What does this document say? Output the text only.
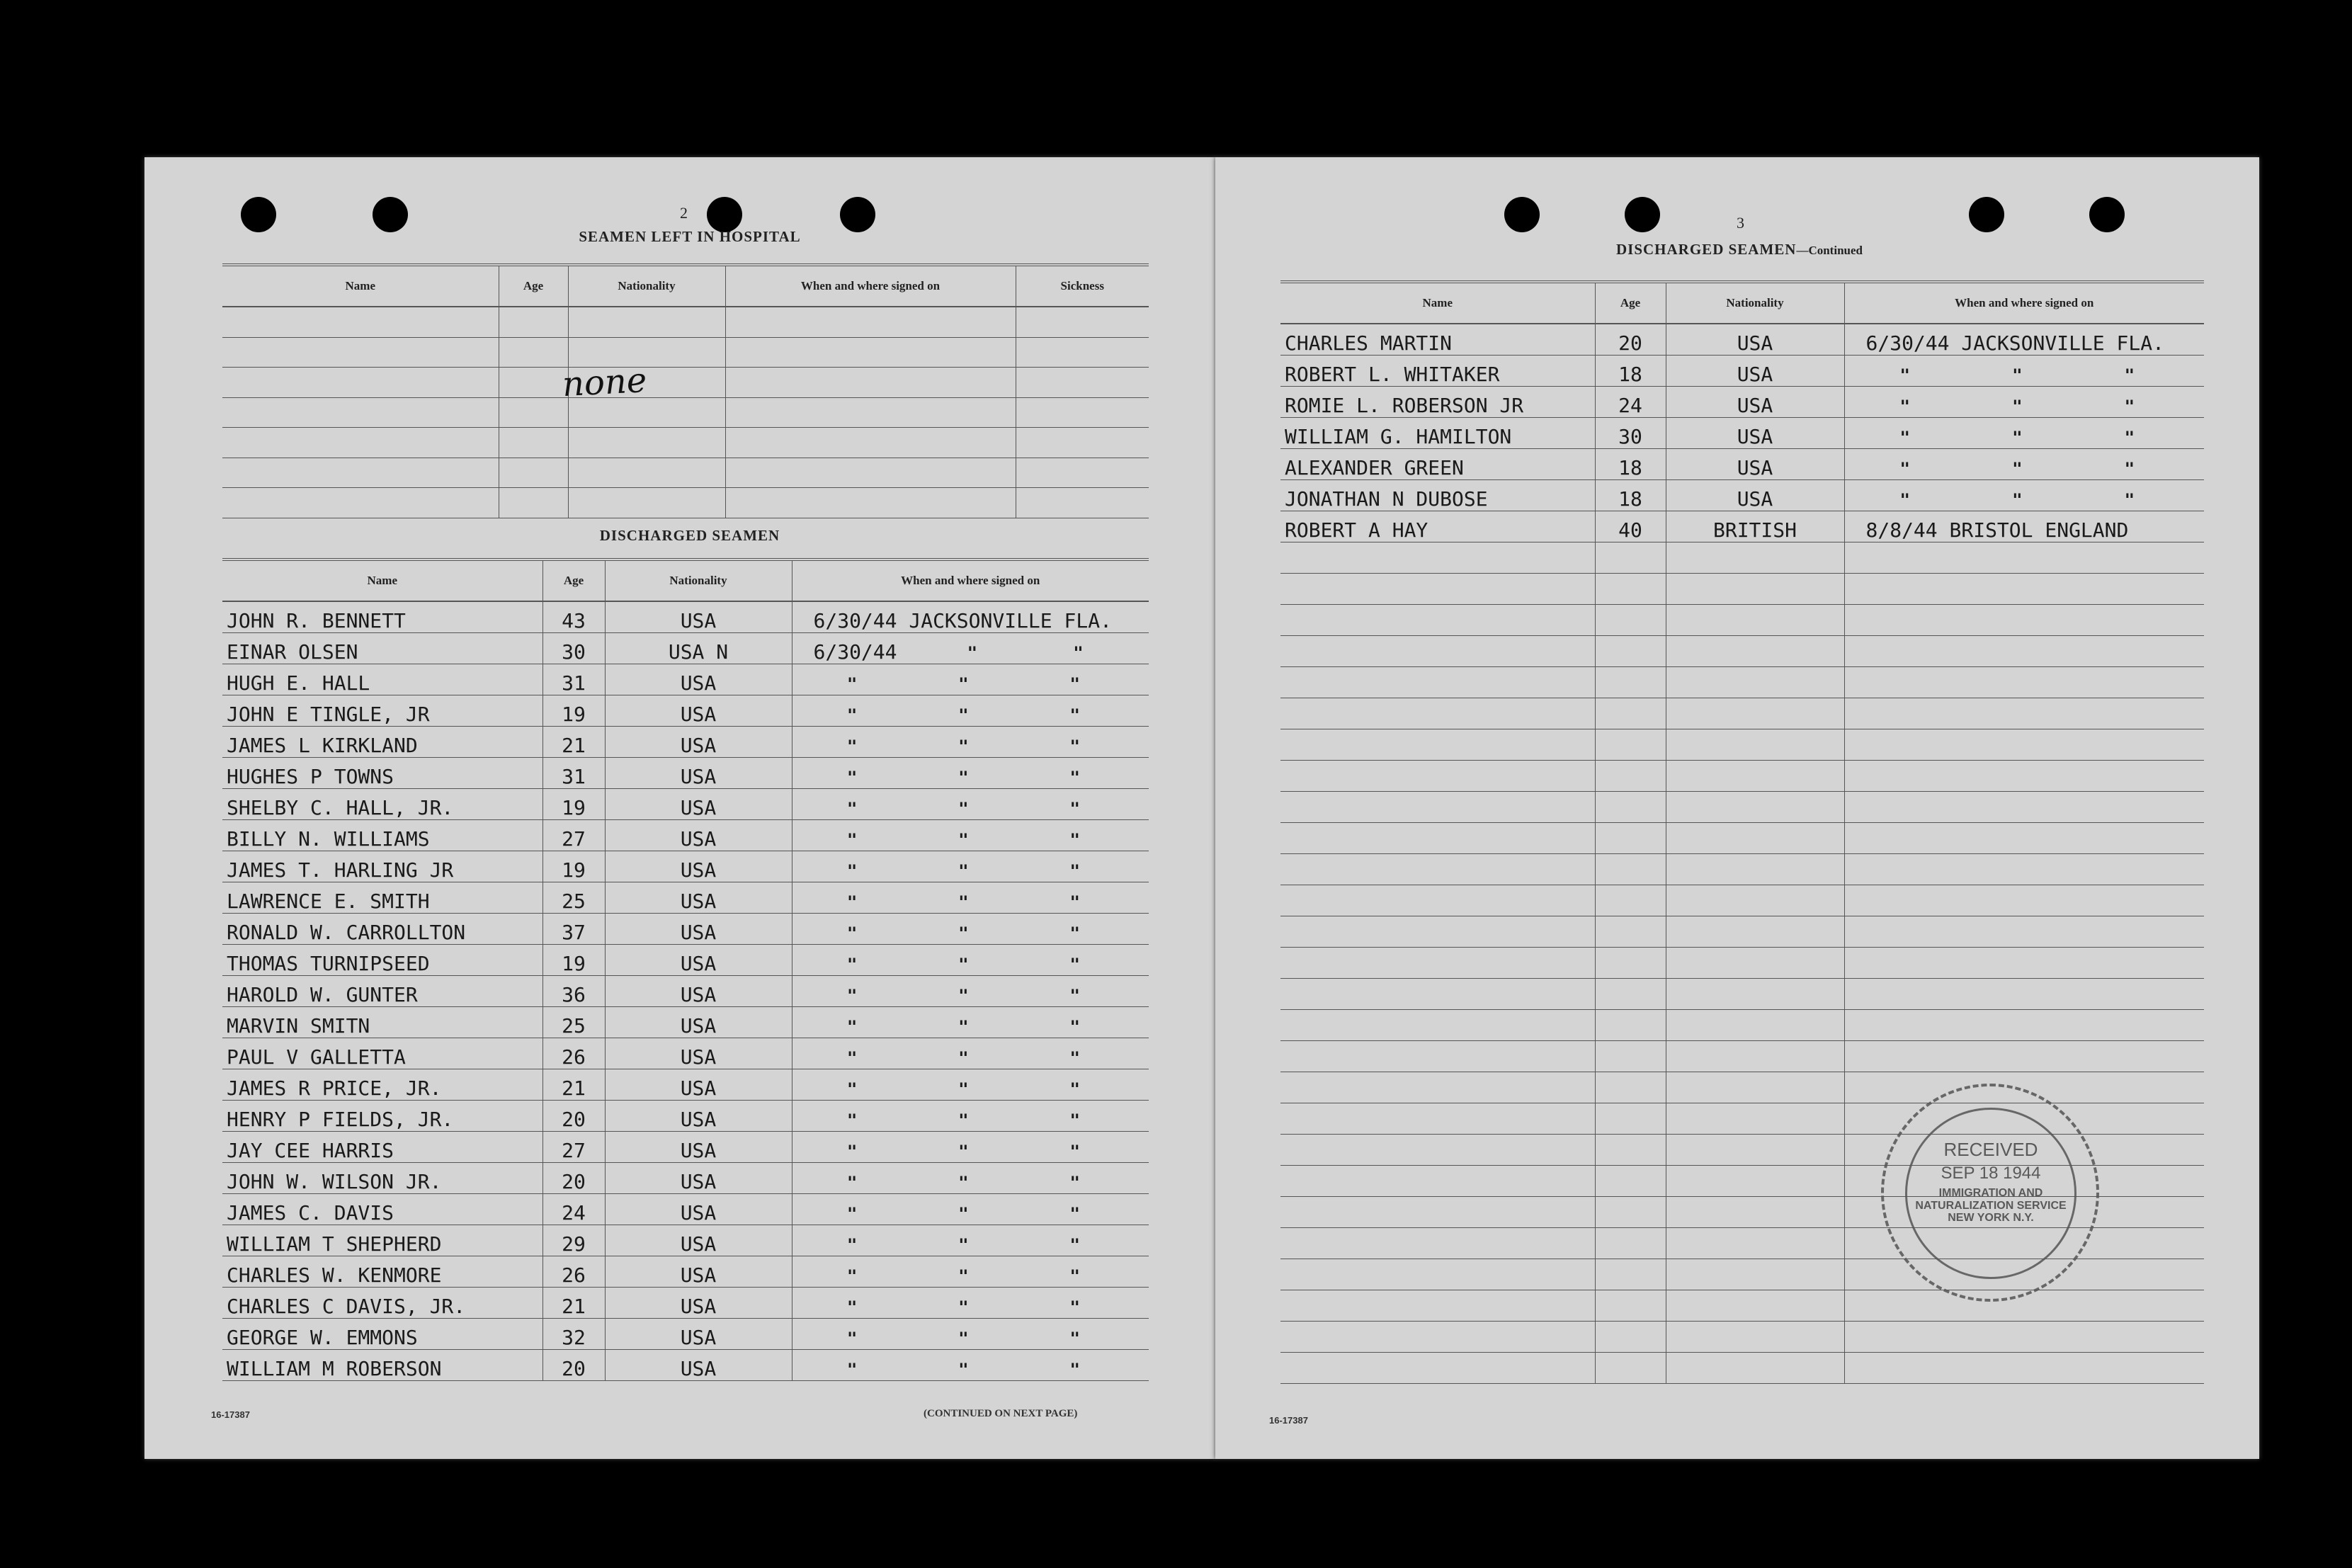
2
SEAMEN LEFT IN HOSPITAL
Name	Age	Nationality	When and where signed on	Sickness

none
DISCHARGED SEAMEN
Name	Age	Nationality	When and where signed on
JOHN R. BENNETT	43	USA	6/30/44 JACKSONVILLE FLA.
EINAR OLSEN	30	USA N	6/30/44 " "
HUGH E. HALL	31	USA	" " "
JOHN E TINGLE, JR	19	USA	" " "
JAMES L KIRKLAND	21	USA	" " "
HUGHES P TOWNS	31	USA	" " "
SHELBY C. HALL, JR.	19	USA	" " "
BILLY N. WILLIAMS	27	USA	" " "
JAMES T. HARLING JR	19	USA	" " "
LAWRENCE E. SMITH	25	USA	" " "
RONALD W. CARROLLTON	37	USA	" " "
THOMAS TURNIPSEED	19	USA	" " "
HAROLD W. GUNTER	36	USA	" " "
MARVIN SMITN	25	USA	" " "
PAUL V GALLETTA	26	USA	" " "
JAMES R PRICE, JR.	21	USA	" " "
HENRY P FIELDS, JR.	20	USA	" " "
JAY CEE HARRIS	27	USA	" " "
JOHN W. WILSON JR.	20	USA	" " "
JAMES C. DAVIS	24	USA	" " "
WILLIAM T SHEPHERD	29	USA	" " "
CHARLES W. KENMORE	26	USA	" " "
CHARLES C DAVIS, JR.	21	USA	" " "
GEORGE W. EMMONS	32	USA	" " "
WILLIAM M ROBERSON	20	USA	" " "
16-17387	(CONTINUED ON NEXT PAGE)
3
DISCHARGED SEAMEN—Continued
Name	Age	Nationality	When and where signed on
CHARLES MARTIN	20	USA	6/30/44 JACKSONVILLE FLA.
ROBERT L. WHITAKER	18	USA	" " "
ROMIE L. ROBERSON JR	24	USA	" " "
WILLIAM G. HAMILTON	30	USA	" " "
ALEXANDER GREEN	18	USA	" " "
JONATHAN N DUBOSE	18	USA	" " "
ROBERT A HAY	40	BRITISH	8/8/44 BRISTOL ENGLAND

16-17387
RECEIVED
SEP 18 1944
IMMIGRATION AND NATURALIZATION SERVICE NEW YORK N.Y.
